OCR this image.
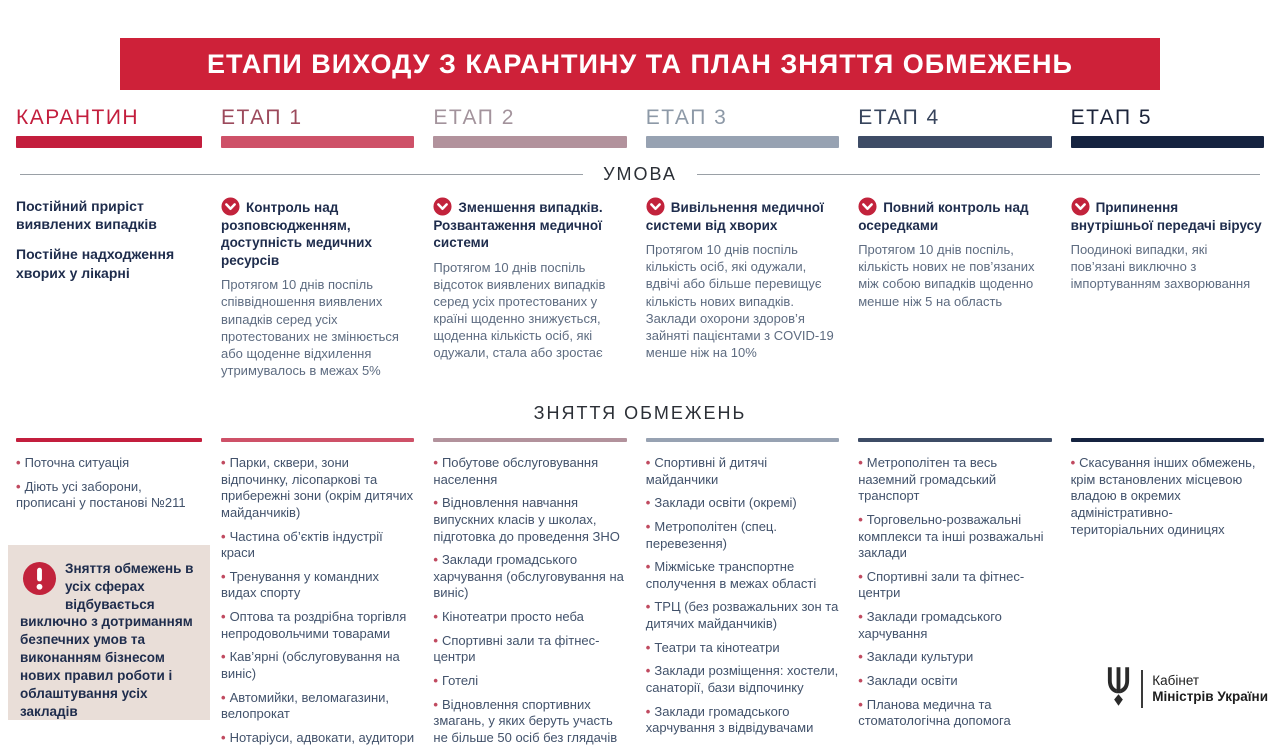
ЕТАПИ ВИХОДУ З КАРАНТИНУ ТА ПЛАН ЗНЯТТЯ ОБМЕЖЕНЬ
КАРАНТИН	ЕТАП 1	ЕТАП 2	ЕТАП 3	ЕТАП 4	ЕТАП 5
УМОВА

Постійний приріст виявлених випадків

Постійне надходження хворих у лікарні

Контроль над розповсюдженням, доступність медичних ресурсів
Протягом 10 днів поспіль співвідношення виявлених випадків серед усіх протестованих не змінюється або щоденне відхилення утримувалось в межах 5%
Зменшення випадків. Розвантаження медичної системи
Протягом 10 днів поспіль відсоток виявлених випадків серед усіх протестованих у країні щоденно знижується, щоденна кількість осіб, які одужали, стала або зростає
Вивільнення медичної системи від хворих
Протягом 10 днів поспіль кількість осіб, які одужали, вдвічі або більше перевищує кількість нових випадків. Заклади охорони здоров’я зайняті пацієнтами з COVID-19 менше ніж на 10%
Повний контроль над осередками
Протягом 10 днів поспіль, кількість нових не пов’язаних між собою випадків щоденно менше ніж 5 на область
Припинення внутрішньої передачі вірусу
Поодинокі випадки, які пов’язані виключно з імпортуванням захворювання
ЗНЯТТЯ ОБМЕЖЕНЬ
• Поточна ситуація
• Діють усі заборони, прописані у постанові №211
• Парки, сквери, зони відпочинку, лісопаркові та прибережні зони (окрім дитячих майданчиків)
• Частина об’єктів індустрії краси
• Тренування у командних видах спорту
• Оптова та роздрібна торгівля непродовольчими товарами
• Кав’ярні (обслуговування на виніс)
• Автомийки, веломагазини, велопрокат
• Нотаріуси, адвокати, аудитори
• Побутове обслуговування населення
• Відновлення навчання випускних класів у школах, підготовка до проведення ЗНО
• Заклади громадського харчування (обслуговування на виніс)
• Кінотеатри просто неба
• Спортивні зали та фітнес-центри
• Готелі
• Відновлення спортивних змагань, у яких беруть участь не більше 50 осіб без глядачів
• Спортивні й дитячі майданчики
• Заклади освіти (окремі)
• Метрополітен (спец. перевезення)
• Міжміське транспортне сполучення в межах області
• ТРЦ (без розважальних зон та дитячих майданчиків)
• Театри та кінотеатри
• Заклади розміщення: хостели, санаторії, бази відпочинку
• Заклади громадського харчування з відвідувачами
• Метрополітен та весь наземний громадський транспорт
• Торговельно-розважальні комплекси та інші розважальні заклади
• Спортивні зали та фітнес-центри
• Заклади громадського харчування
• Заклади культури
• Заклади освіти
• Планова медична та стоматологічна допомога
• Скасування інших обмежень, крім встановлених місцевою владою в окремих адміністративно-територіальних одиницях
Зняття обмежень в усіх сферах відбувається виключно з дотриманням безпечних умов та виконанням бізнесом нових правил роботи і облаштування усіх закладів
Кабінет
Міністрів України
